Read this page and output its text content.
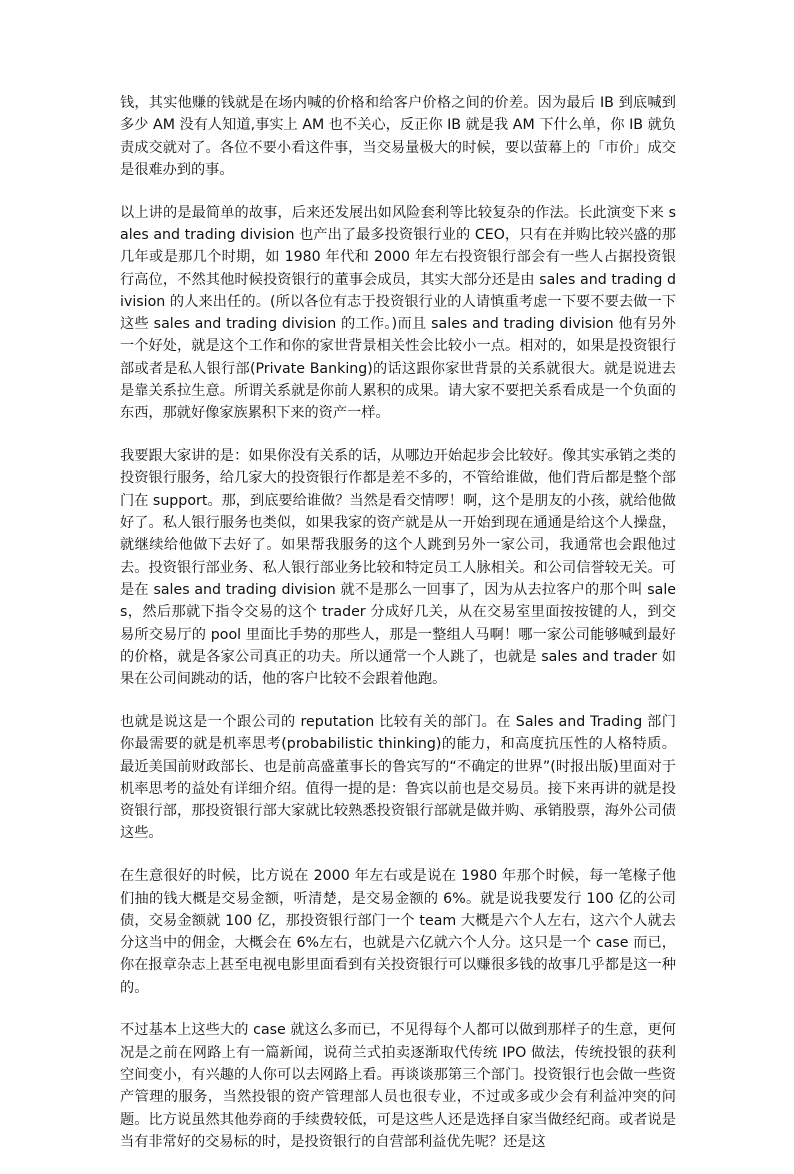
钱，其实他赚的钱就是在场内喊的价格和给客户价格之间的价差。因为最后 IB 到底喊到多少 AM 没有人知道,事实上 AM 也不关心，反正你 IB 就是我 AM 下什么单，你 IB 就负责成交就对了。各位不要小看这件事，当交易量极大的时候，要以萤幕上的「市价」成交是很难办到的事。

以上讲的是最简单的故事，后来还发展出如风险套利等比较复杂的作法。长此演变下来 sales and trading division 也产出了最多投资银行业的 CEO，只有在并购比较兴盛的那几年或是那几个时期，如 1980 年代和 2000 年左右投资银行部会有一些人占据投资银行高位，不然其他时候投资银行的董事会成员，其实大部分还是由 sales and trading division 的人来出任的。(所以各位有志于投资银行业的人请慎重考虑一下要不要去做一下这些 sales and trading division 的工作。)而且 sales and trading division 他有另外一个好处，就是这个工作和你的家世背景相关性会比较小一点。相对的，如果是投资银行部或者是私人银行部(Private Banking)的话这跟你家世背景的关系就很大。就是说进去是靠关系拉生意。所谓关系就是你前人累积的成果。请大家不要把关系看成是一个负面的东西，那就好像家族累积下来的资产一样。

我要跟大家讲的是：如果你没有关系的话，从哪边开始起步会比较好。像其实承销之类的投资银行服务，给几家大的投资银行作都是差不多的，不管给谁做，他们背后都是整个部门在 support。那，到底要给谁做？当然是看交情啰！啊，这个是朋友的小孩，就给他做好了。私人银行服务也类似，如果我家的资产就是从一开始到现在通通是给这个人操盘，就继续给他做下去好了。如果帮我服务的这个人跳到另外一家公司，我通常也会跟他过去。投资银行部业务、私人银行部业务比较和特定员工人脉相关。和公司信誉较无关。可是在 sales and trading division 就不是那么一回事了，因为从去拉客户的那个叫 sales，然后那就下指令交易的这个 trader 分成好几关，从在交易室里面按按键的人，到交易所交易厅的 pool 里面比手势的那些人，那是一整组人马啊！哪一家公司能够喊到最好的价格，就是各家公司真正的功夫。所以通常一个人跳了，也就是 sales and trader 如果在公司间跳动的话，他的客户比较不会跟着他跑。

也就是说这是一个跟公司的 reputation 比较有关的部门。在 Sales and Trading 部门你最需要的就是机率思考(probabilistic thinking)的能力，和高度抗压性的人格特质。最近美国前财政部长、也是前高盛董事长的鲁宾写的“不确定的世界”(时报出版)里面对于机率思考的益处有详细介绍。值得一提的是：鲁宾以前也是交易员。接下来再讲的就是投资银行部，那投资银行部大家就比较熟悉投资银行部就是做并购、承销股票，海外公司债这些。

在生意很好的时候，比方说在 2000 年左右或是说在 1980 年那个时候，每一笔椽子他们抽的钱大概是交易金额，听清楚，是交易金额的 6%。就是说我要发行 100 亿的公司债，交易金额就 100 亿，那投资银行部门一个 team 大概是六个人左右，这六个人就去分这当中的佣金，大概会在 6%左右，也就是六亿就六个人分。这只是一个 case 而已，你在报章杂志上甚至电视电影里面看到有关投资银行可以赚很多钱的故事几乎都是这一种的。

不过基本上这些大的 case 就这么多而已，不见得每个人都可以做到那样子的生意，更何况是之前在网路上有一篇新闻，说荷兰式拍卖逐渐取代传统 IPO 做法，传统投银的获利空间变小，有兴趣的人你可以去网路上看。再谈谈那第三个部门。投资银行也会做一些资产管理的服务，当然投银的资产管理部人员也很专业，不过或多或少会有利益冲突的问题。比方说虽然其他券商的手续费较低，可是这些人还是选择自家当做经纪商。或者说是当有非常好的交易标的时，是投资银行的自营部利益优先呢？还是这
